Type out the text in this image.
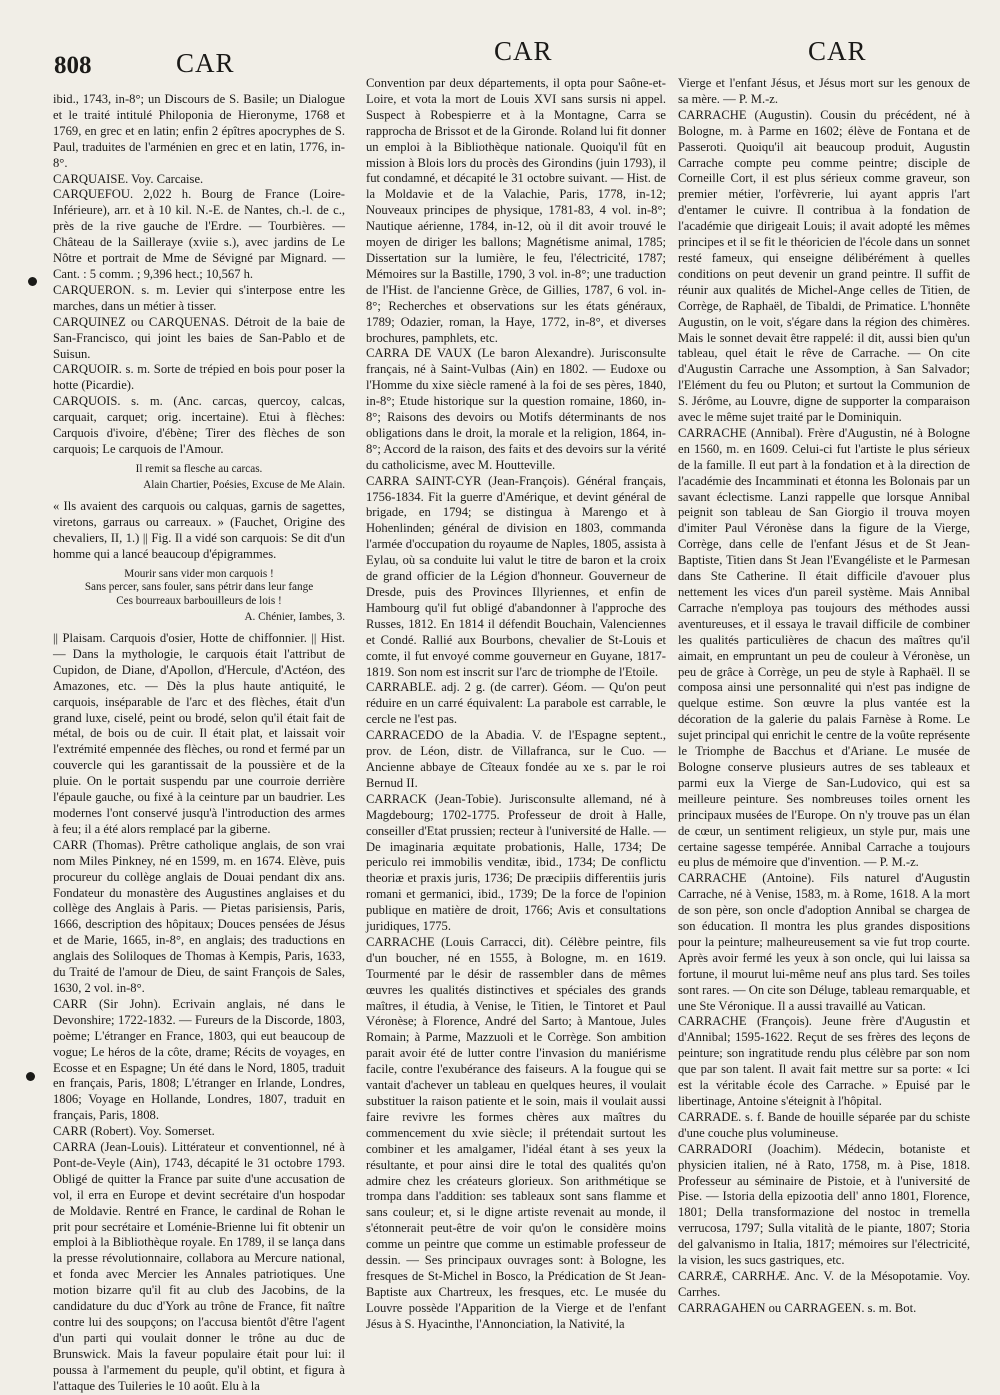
808	CAR	CAR	CAR

ibid., 1743, in-8°; un Discours de S. Basile; un Dialogue et le traité intitulé Philoponia de Hieronyme, 1768 et 1769, en grec et en latin; enfin 2 épîtres apocryphes de S. Paul, traduites de l'arménien en grec et en latin, 1776, in-8°.

CARQUAISE. Voy. Carcaise.

CARQUEFOU. 2,022 h. Bourg de France (Loire-Inférieure), arr. et à 10 kil. N.-E. de Nantes, ch.-l. de c., près de la rive gauche de l'Erdre. — Tourbières. — Château de la Sailleraye (xviie s.), avec jardins de Le Nôtre et portrait de Mme de Sévigné par Mignard. — Cant. : 5 comm. ; 9,396 hect.; 10,567 h.

CARQUERON. s. m. Levier qui s'interpose entre les marches, dans un métier à tisser.

CARQUINEZ ou CARQUENAS. Détroit de la baie de San-Francisco, qui joint les baies de San-Pablo et de Suisun.

CARQUOIR. s. m. Sorte de trépied en bois pour poser la hotte (Picardie).

CARQUOIS. s. m. (Anc. carcas, quercoy, calcas, carquait, carquet; orig. incertaine). Etui à flèches: Carquois d'ivoire, d'ébène; Tirer des flèches de son carquois; Le carquois de l'Amour.

Il remit sa flesche au carcas.

Alain Chartier, Poésies, Excuse de Me Alain.

« Ils avaient des carquois ou calquas, garnis de sagettes, viretons, garraus ou carreaux. » (Fauchet, Origine des chevaliers, II, 1.) || Fig. Il a vidé son carquois: Se dit d'un homme qui a lancé beaucoup d'épigrammes.

Mourir sans vider mon carquois !
Sans percer, sans fouler, sans pétrir dans leur fange
Ces bourreaux barbouilleurs de lois !

A. Chénier, Iambes, 3.

|| Plaisam. Carquois d'osier, Hotte de chiffonnier. || Hist. — Dans la mythologie, le carquois était l'attribut de Cupidon, de Diane, d'Apollon, d'Hercule, d'Actéon, des Amazones, etc. — Dès la plus haute antiquité, le carquois, inséparable de l'arc et des flèches, était d'un grand luxe, ciselé, peint ou brodé, selon qu'il était fait de métal, de bois ou de cuir. Il était plat, et laissait voir l'extrémité empennée des flèches, ou rond et fermé par un couvercle qui les garantissait de la poussière et de la pluie. On le portait suspendu par une courroie derrière l'épaule gauche, ou fixé à la ceinture par un baudrier. Les modernes l'ont conservé jusqu'à l'introduction des armes à feu; il a été alors remplacé par la giberne.

CARR (Thomas). Prêtre catholique anglais, de son vrai nom Miles Pinkney, né en 1599, m. en 1674. Elève, puis procureur du collège anglais de Douai pendant dix ans. Fondateur du monastère des Augustines anglaises et du collège des Anglais à Paris. — Pietas parisiensis, Paris, 1666, description des hôpitaux; Douces pensées de Jésus et de Marie, 1665, in-8°, en anglais; des traductions en anglais des Soliloques de Thomas à Kempis, Paris, 1633, du Traité de l'amour de Dieu, de saint François de Sales, 1630, 2 vol. in-8°.

CARR (Sir John). Ecrivain anglais, né dans le Devonshire; 1722-1832. — Fureurs de la Discorde, 1803, poème; L'étranger en France, 1803, qui eut beaucoup de vogue; Le héros de la côte, drame; Récits de voyages, en Ecosse et en Espagne; Un été dans le Nord, 1805, traduit en français, Paris, 1808; L'étranger en Irlande, Londres, 1806; Voyage en Hollande, Londres, 1807, traduit en français, Paris, 1808.

CARR (Robert). Voy. Somerset.

CARRA (Jean-Louis). Littérateur et conventionnel, né à Pont-de-Veyle (Ain), 1743, décapité le 31 octobre 1793. Obligé de quitter la France par suite d'une accusation de vol, il erra en Europe et devint secrétaire d'un hospodar de Moldavie. Rentré en France, le cardinal de Rohan le prit pour secrétaire et Loménie-Brienne lui fit obtenir un emploi à la Bibliothèque royale. En 1789, il se lança dans la presse révolutionnaire, collabora au Mercure national, et fonda avec Mercier les Annales patriotiques. Une motion bizarre qu'il fit au club des Jacobins, de la candidature du duc d'York au trône de France, fit naître contre lui des soupçons; on l'accusa bientôt d'être l'agent d'un parti qui voulait donner le trône au duc de Brunswick. Mais la faveur populaire était pour lui: il poussa à l'armement du peuple, qu'il obtint, et figura à l'attaque des Tuileries le 10 août. Elu à la

Convention par deux départements, il opta pour Saône-et-Loire, et vota la mort de Louis XVI sans sursis ni appel. Suspect à Robespierre et à la Montagne, Carra se rapprocha de Brissot et de la Gironde. Roland lui fit donner un emploi à la Bibliothèque nationale. Quoiqu'il fût en mission à Blois lors du procès des Girondins (juin 1793), il fut condamné, et décapité le 31 octobre suivant. — Hist. de la Moldavie et de la Valachie, Paris, 1778, in-12; Nouveaux principes de physique, 1781-83, 4 vol. in-8°; Nautique aérienne, 1784, in-12, où il dit avoir trouvé le moyen de diriger les ballons; Magnétisme animal, 1785; Dissertation sur la lumière, le feu, l'électricité, 1787; Mémoires sur la Bastille, 1790, 3 vol. in-8°; une traduction de l'Hist. de l'ancienne Grèce, de Gillies, 1787, 6 vol. in-8°; Recherches et observations sur les états généraux, 1789; Odazier, roman, la Haye, 1772, in-8°, et diverses brochures, pamphlets, etc.

CARRA DE VAUX (Le baron Alexandre). Jurisconsulte français, né à Saint-Vulbas (Ain) en 1802. — Eudoxe ou l'Homme du xixe siècle ramené à la foi de ses pères, 1840, in-8°; Etude historique sur la question romaine, 1860, in-8°; Raisons des devoirs ou Motifs déterminants de nos obligations dans le droit, la morale et la religion, 1864, in-8°; Accord de la raison, des faits et des devoirs sur la vérité du catholicisme, avec M. Houtteville.

CARRA SAINT-CYR (Jean-François). Général français, 1756-1834. Fit la guerre d'Amérique, et devint général de brigade, en 1794; se distingua à Marengo et à Hohenlinden; général de division en 1803, commanda l'armée d'occupation du royaume de Naples, 1805, assista à Eylau, où sa conduite lui valut le titre de baron et la croix de grand officier de la Légion d'honneur. Gouverneur de Dresde, puis des Provinces Illyriennes, et enfin de Hambourg qu'il fut obligé d'abandonner à l'approche des Russes, 1812. En 1814 il défendit Bouchain, Valenciennes et Condé. Rallié aux Bourbons, chevalier de St-Louis et comte, il fut envoyé comme gouverneur en Guyane, 1817-1819. Son nom est inscrit sur l'arc de triomphe de l'Etoile.

CARRABLE. adj. 2 g. (de carrer). Géom. — Qu'on peut réduire en un carré équivalent: La parabole est carrable, le cercle ne l'est pas.

CARRACEDO de la Abadia. V. de l'Espagne septent., prov. de Léon, distr. de Villafranca, sur le Cuo. — Ancienne abbaye de Cîteaux fondée au xe s. par le roi Bernud II.

CARRACK (Jean-Tobie). Jurisconsulte allemand, né à Magdebourg; 1702-1775. Professeur de droit à Halle, conseiller d'Etat prussien; recteur à l'université de Halle. — De imaginaria æquitate probationis, Halle, 1734; De periculo rei immobilis venditæ, ibid., 1734; De conflictu theoriæ et praxis juris, 1736; De præcipiis differentiis juris romani et germanici, ibid., 1739; De la force de l'opinion publique en matière de droit, 1766; Avis et consultations juridiques, 1775.

CARRACHE (Louis Carracci, dit). Célèbre peintre, fils d'un boucher, né en 1555, à Bologne, m. en 1619. Tourmenté par le désir de rassembler dans de mêmes œuvres les qualités distinctives et spéciales des grands maîtres, il étudia, à Venise, le Titien, le Tintoret et Paul Véronèse; à Florence, André del Sarto; à Mantoue, Jules Romain; à Parme, Mazzuoli et le Corrège. Son ambition parait avoir été de lutter contre l'invasion du maniérisme facile, contre l'exubérance des faiseurs. A la fougue qui se vantait d'achever un tableau en quelques heures, il voulait substituer la raison patiente et le soin, mais il voulait aussi faire revivre les formes chères aux maîtres du commencement du xvie siècle; il prétendait surtout les combiner et les amalgamer, l'idéal étant à ses yeux la résultante, et pour ainsi dire le total des qualités qu'on admire chez les créateurs glorieux. Son arithmétique se trompa dans l'addition: ses tableaux sont sans flamme et sans couleur; et, si le digne artiste revenait au monde, il s'étonnerait peut-être de voir qu'on le considère moins comme un peintre que comme un estimable professeur de dessin. — Ses principaux ouvrages sont: à Bologne, les fresques de St-Michel in Bosco, la Prédication de St Jean-Baptiste aux Chartreux, les fresques, etc. Le musée du Louvre possède l'Apparition de la Vierge et de l'enfant Jésus à S. Hyacinthe, l'Annonciation, la Nativité, la

Vierge et l'enfant Jésus, et Jésus mort sur les genoux de sa mère. — P. M.-z.

CARRACHE (Augustin). Cousin du précédent, né à Bologne, m. à Parme en 1602; élève de Fontana et de Passeroti. Quoiqu'il ait beaucoup produit, Augustin Carrache compte peu comme peintre; disciple de Corneille Cort, il est plus sérieux comme graveur, son premier métier, l'orfèvrerie, lui ayant appris l'art d'entamer le cuivre. Il contribua à la fondation de l'académie que dirigeait Louis; il avait adopté les mêmes principes et il se fit le théoricien de l'école dans un sonnet resté fameux, qui enseigne délibérément à quelles conditions on peut devenir un grand peintre. Il suffit de réunir aux qualités de Michel-Ange celles de Titien, de Corrège, de Raphaël, de Tibaldi, de Primatice. L'honnête Augustin, on le voit, s'égare dans la région des chimères. Mais le sonnet devait être rappelé: il dit, aussi bien qu'un tableau, quel était le rêve de Carrache. — On cite d'Augustin Carrache une Assomption, à San Salvador; l'Elément du feu ou Pluton; et surtout la Communion de S. Jérôme, au Louvre, digne de supporter la comparaison avec le même sujet traité par le Dominiquin.

CARRACHE (Annibal). Frère d'Augustin, né à Bologne en 1560, m. en 1609. Celui-ci fut l'artiste le plus sérieux de la famille. Il eut part à la fondation et à la direction de l'académie des Incamminati et étonna les Bolonais par un savant éclectisme. Lanzi rappelle que lorsque Annibal peignit son tableau de San Giorgio il trouva moyen d'imiter Paul Véronèse dans la figure de la Vierge, Corrège, dans celle de l'enfant Jésus et de St Jean-Baptiste, Titien dans St Jean l'Evangéliste et le Parmesan dans Ste Catherine. Il était difficile d'avouer plus nettement les vices d'un pareil système. Mais Annibal Carrache n'employa pas toujours des méthodes aussi aventureuses, et il essaya le travail difficile de combiner les qualités particulières de chacun des maîtres qu'il aimait, en empruntant un peu de couleur à Véronèse, un peu de grâce à Corrège, un peu de style à Raphaël. Il se composa ainsi une personnalité qui n'est pas indigne de quelque estime. Son œuvre la plus vantée est la décoration de la galerie du palais Farnèse à Rome. Le sujet principal qui enrichit le centre de la voûte représente le Triomphe de Bacchus et d'Ariane. Le musée de Bologne conserve plusieurs autres de ses tableaux et parmi eux la Vierge de San-Ludovico, qui est sa meilleure peinture. Ses nombreuses toiles ornent les principaux musées de l'Europe. On n'y trouve pas un élan de cœur, un sentiment religieux, un style pur, mais une certaine sagesse tempérée. Annibal Carrache a toujours eu plus de mémoire que d'invention. — P. M.-z.

CARRACHE (Antoine). Fils naturel d'Augustin Carrache, né à Venise, 1583, m. à Rome, 1618. A la mort de son père, son oncle d'adoption Annibal se chargea de son éducation. Il montra les plus grandes dispositions pour la peinture; malheureusement sa vie fut trop courte. Après avoir fermé les yeux à son oncle, qui lui laissa sa fortune, il mourut lui-même neuf ans plus tard. Ses toiles sont rares. — On cite son Déluge, tableau remarquable, et une Ste Véronique. Il a aussi travaillé au Vatican.

CARRACHE (François). Jeune frère d'Augustin et d'Annibal; 1595-1622. Reçut de ses frères des leçons de peinture; son ingratitude rendu plus célèbre par son nom que par son talent. Il avait fait mettre sur sa porte: « Ici est la véritable école des Carrache. » Epuisé par le libertinage, Antoine s'éteignit à l'hôpital.

CARRADE. s. f. Bande de houille séparée par du schiste d'une couche plus volumineuse.

CARRADORI (Joachim). Médecin, botaniste et physicien italien, né à Rato, 1758, m. à Pise, 1818. Professeur au séminaire de Pistoie, et à l'université de Pise. — Istoria della epizootia dell' anno 1801, Florence, 1801; Della transformazione del nostoc in tremella verrucosa, 1797; Sulla vitalità de le piante, 1807; Storia del galvanismo in Italia, 1817; mémoires sur l'électricité, la vision, les sucs gastriques, etc.

CARRÆ, CARRHÆ. Anc. V. de la Mésopotamie. Voy. Carrhes.

CARRAGAHEN ou CARRAGEEN. s. m. Bot.
